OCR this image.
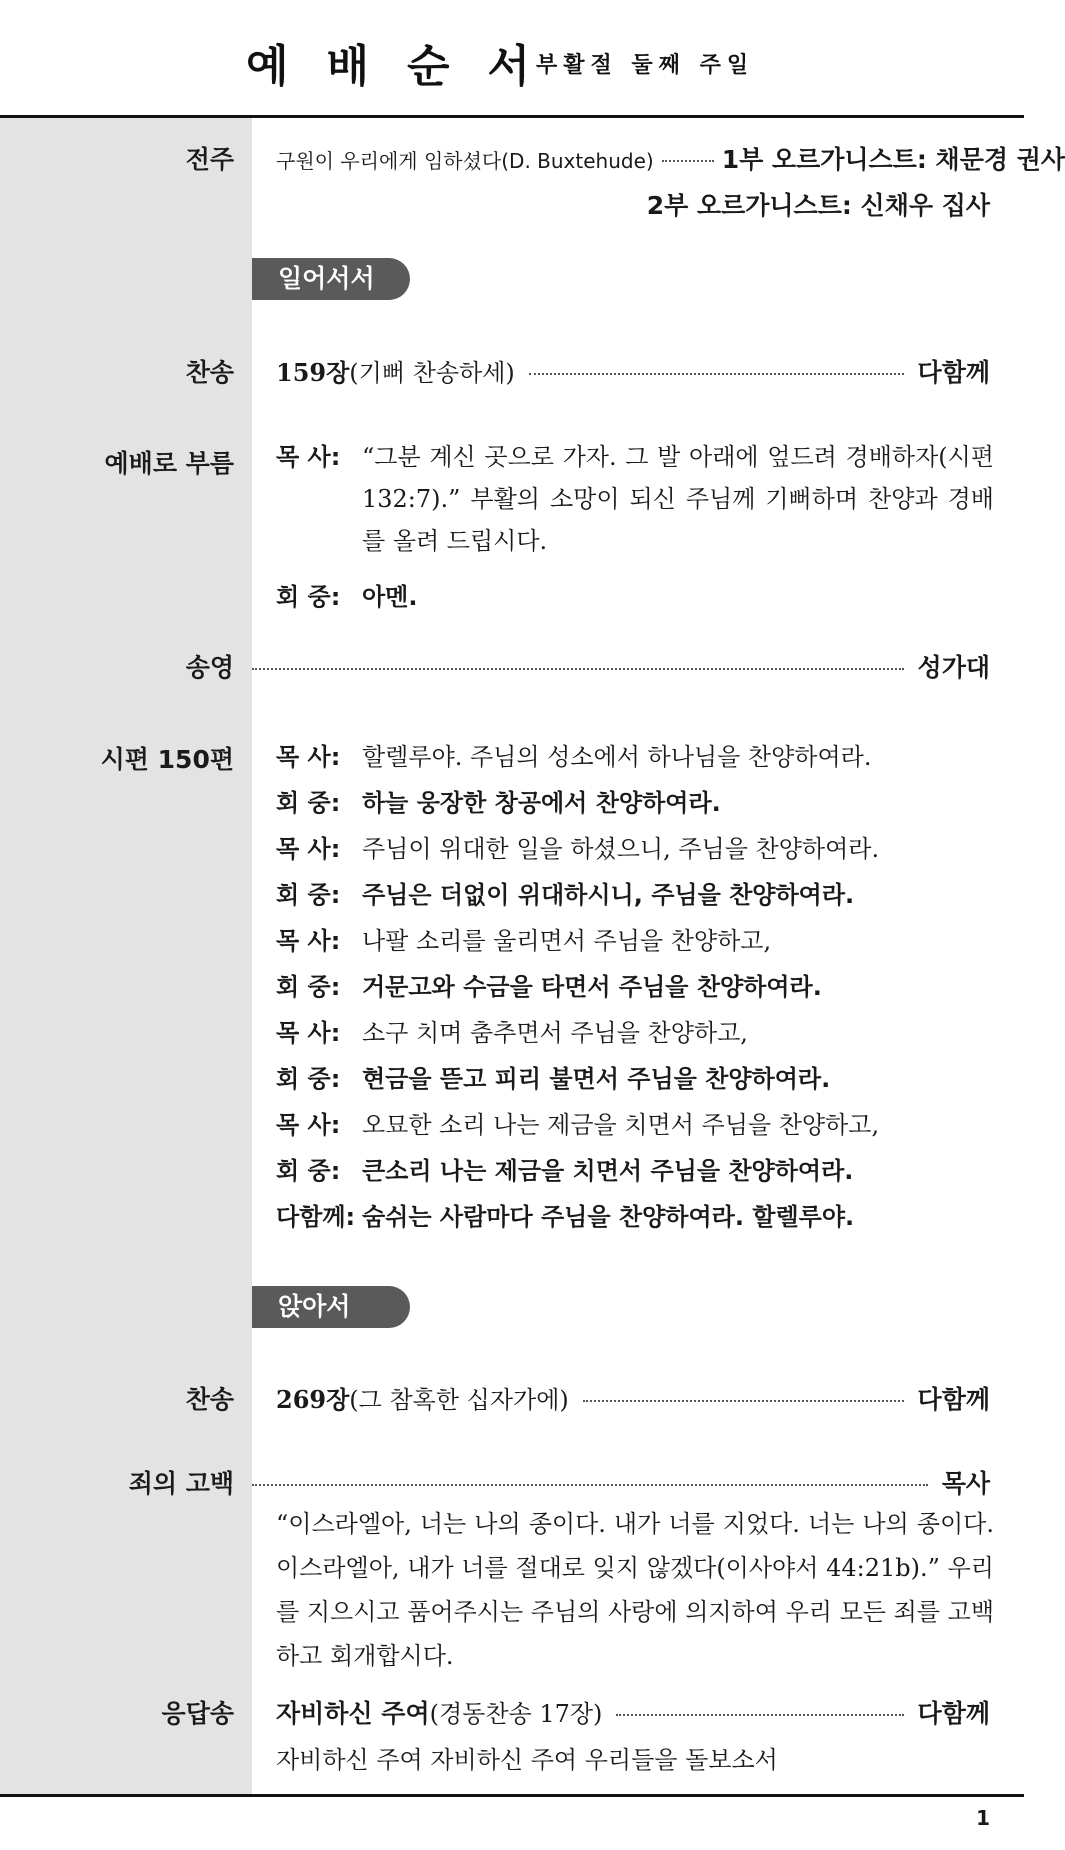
예배순서
부활절 둘째 주일
전주 구원이 우리에게 임하셨다(D. Buxtehude)	1부 오르가니스트: 채문경 권사
2부 오르가니스트: 신채우 집사
일어서서
찬송 159장 (기뻐 찬송하세)	다함께
예배로 부름 목 사: “그분 계신 곳으로 가자. 그 발 아래에 엎드려 경배하자(시편 132:7).” 부활의 소망이 되신 주님께 기뻐하며 찬양과 경배를 올려 드립시다.
회 중: 아멘.
송영	성가대
시편 150편 목 사: 할렐루야. 주님의 성소에서 하나님을 찬양하여라.
회 중: 하늘 웅장한 창공에서 찬양하여라.
목 사: 주님이 위대한 일을 하셨으니, 주님을 찬양하여라.
회 중: 주님은 더없이 위대하시니, 주님을 찬양하여라.
목 사: 나팔 소리를 울리면서 주님을 찬양하고,
회 중: 거문고와 수금을 타면서 주님을 찬양하여라.
목 사: 소구 치며 춤추면서 주님을 찬양하고,
회 중: 현금을 뜯고 피리 불면서 주님을 찬양하여라.
목 사: 오묘한 소리 나는 제금을 치면서 주님을 찬양하고,
회 중: 큰소리 나는 제금을 치면서 주님을 찬양하여라.
다함께: 숨쉬는 사람마다 주님을 찬양하여라. 할렐루야.
앉아서
찬송 269장 (그 참혹한 십자가에)	다함께
죄의 고백	목사
“이스라엘아, 너는 나의 종이다. 내가 너를 지었다. 너는 나의 종이다. 이스라엘아, 내가 너를 절대로 잊지 않겠다(이사야서 44:21b).” 우리를 지으시고 품어주시는 주님의 사랑에 의지하여 우리 모든 죄를 고백하고 회개합시다.
응답송 자비하신 주여 (경동찬송 17장)	다함께
자비하신 주여 자비하신 주여 우리들을 돌보소서
1
